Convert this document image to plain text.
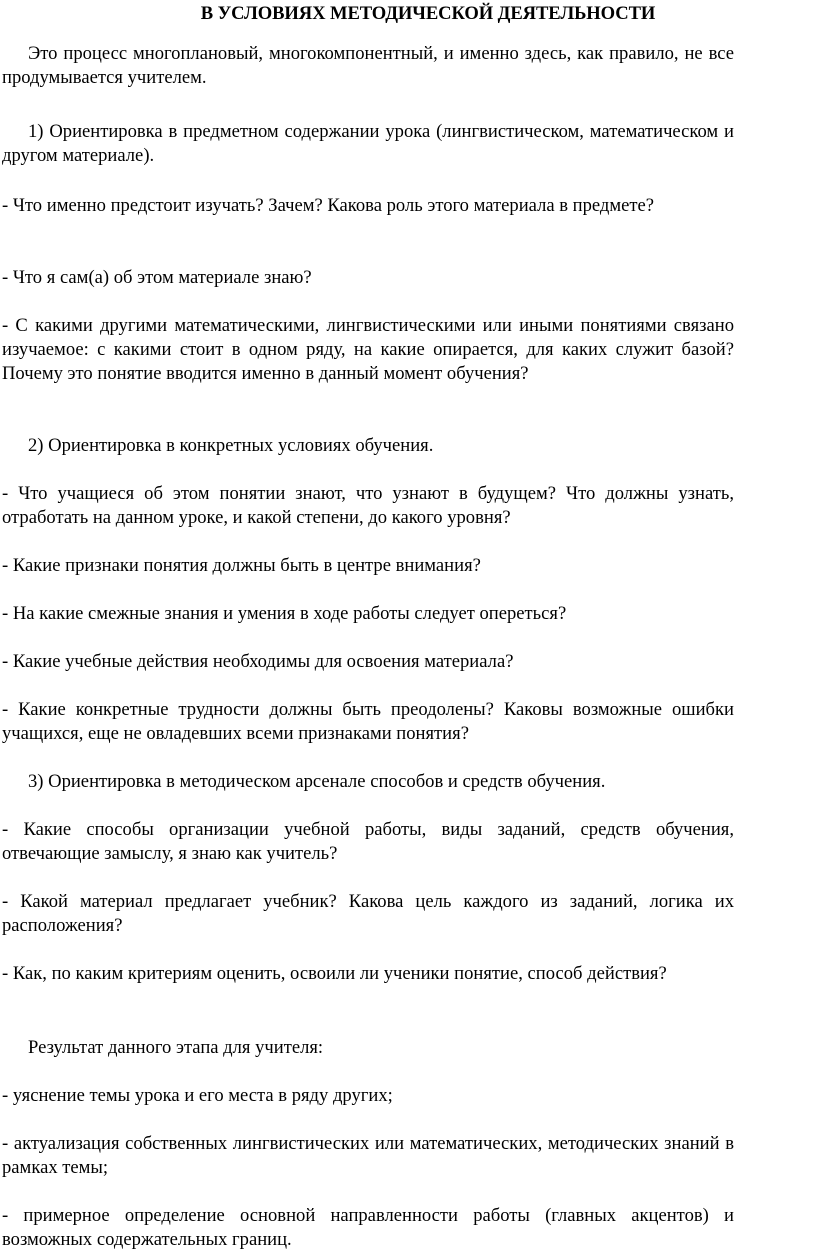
В УСЛОВИЯХ МЕТОДИЧЕСКОЙ ДЕЯТЕЛЬНОСТИ

Это процесс многоплановый, многокомпонентный, и именно здесь, как правило, не все продумывается учителем.

1) Ориентировка в предметном содержании урока (лингвистическом, математическом и другом материале).

- Что именно предстоит изучать? Зачем? Какова роль этого материала в предмете?

- Что я сам(а) об этом материале знаю?

- С какими другими математическими, лингвистическими или иными понятиями связано изучаемое: с какими стоит в одном ряду, на какие опирается, для каких служит базой? Почему это понятие вводится именно в данный момент обучения?

2) Ориентировка в конкретных условиях обучения.

- Что учащиеся об этом понятии знают, что узнают в будущем? Что должны узнать, отработать на данном уроке, и какой степени, до какого уровня?

- Какие признаки понятия должны быть в центре внимания?

- На какие смежные знания и умения в ходе работы следует опереться?

- Какие учебные действия необходимы для освоения материала?

- Какие конкретные трудности должны быть преодолены? Каковы возможные ошибки учащихся, еще не овладевших всеми признаками понятия?

3) Ориентировка в методическом арсенале способов и средств обучения.

- Какие способы организации учебной работы, виды заданий, средств обучения, отвечающие замыслу, я знаю как учитель?

- Какой материал предлагает учебник? Какова цель каждого из заданий, логика их расположения?

- Как, по каким критериям оценить, освоили ли ученики понятие, способ действия?

Результат данного этапа для учителя:

- уяснение темы урока и его места в ряду других;

- актуализация собственных лингвистических или математических, методических знаний в рамках темы;

- примерное определение основной направленности работы (главных акцентов) и возможных содержательных границ.
